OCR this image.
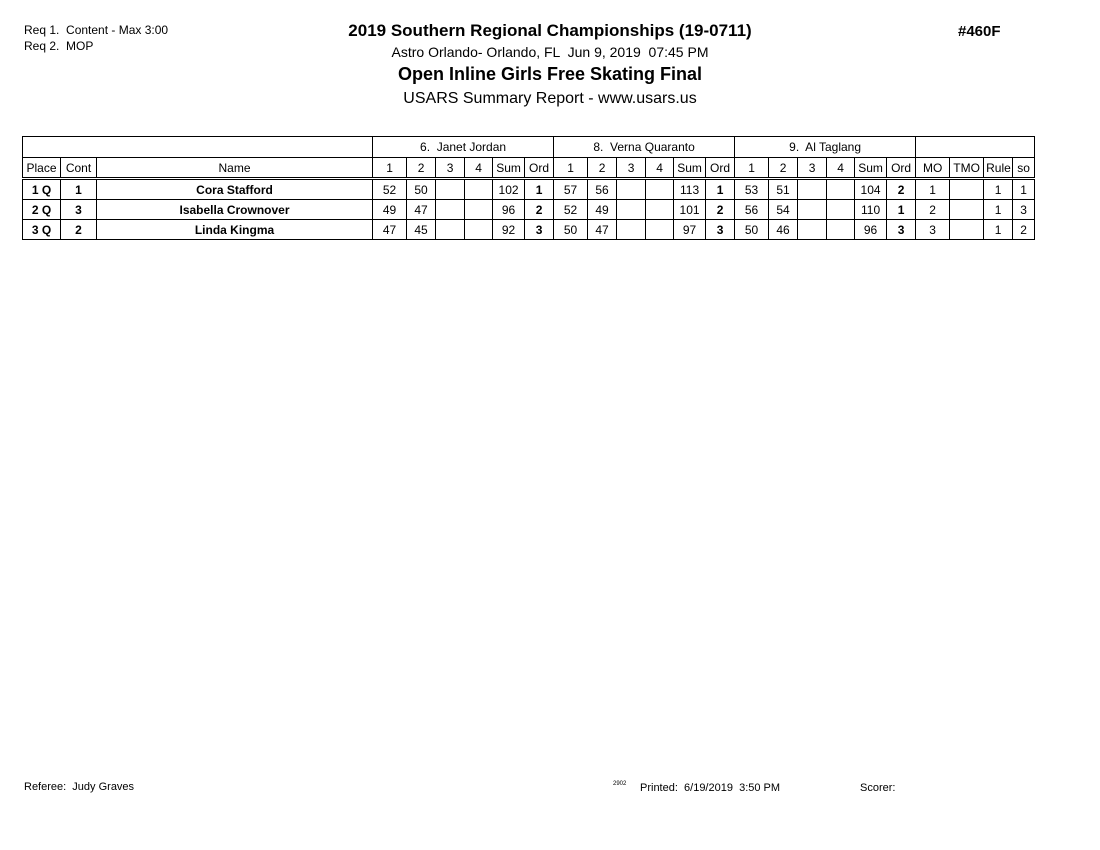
Req 1.  Content - Max 3:00
Req 2.  MOP
2019 Southern Regional Championships (19-0711)
Astro Orlando- Orlando, FL  Jun 9, 2019  07:45 PM
Open Inline Girls Free Skating Final
USARS Summary Report - www.usars.us
#460F
			6.  Janet Jordan						8.  Verna Quaranto						9.  Al Taglang									
Place	Cont	Name	1	2	3	4	Sum	Ord	1	2	3	4	Sum	Ord	1	2	3	4	Sum	Ord	MO	TMO	Rule	so
1 Q	1	Cora Stafford	52	50			102	1	57	56			113	1	53	51			104	2	1		1	1
2 Q	3	Isabella Crownover	49	47			96	2	52	49			101	2	56	54			110	1	2		1	3
3 Q	2	Linda Kingma	47	45			92	3	50	47			97	3	50	46			96	3	3		1	2
Referee:  Judy Graves	2902 Printed:  6/19/2019  3:50 PM	Scorer:
